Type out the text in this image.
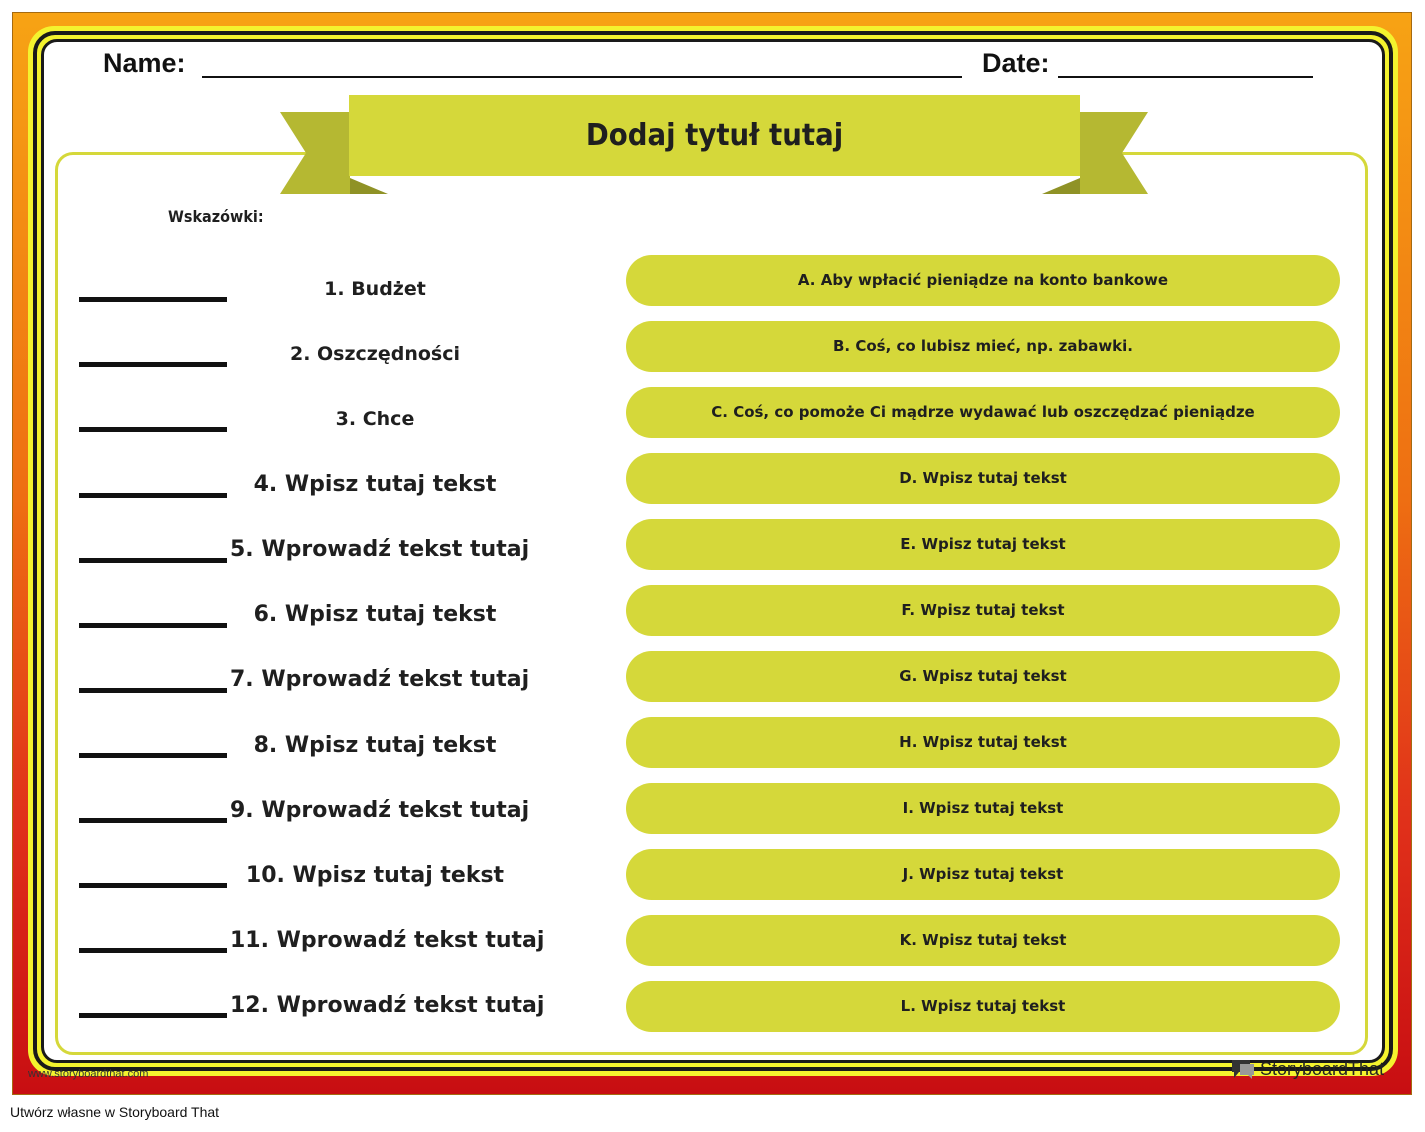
Name:	Date:
Dodaj tytuł tutaj
Wskazówki:
1. Budżet
2. Oszczędności
3. Chce
4. Wpisz tutaj tekst
5. Wprowadź tekst tutaj
6. Wpisz tutaj tekst
7. Wprowadź tekst tutaj
8. Wpisz tutaj tekst
9. Wprowadź tekst tutaj
10. Wpisz tutaj tekst
11. Wprowadź tekst tutaj
12. Wprowadź tekst tutaj
A. Aby wpłacić pieniądze na konto bankowe
B. Coś, co lubisz mieć, np. zabawki.
C. Coś, co pomoże Ci mądrze wydawać lub oszczędzać pieniądze
D. Wpisz tutaj tekst
E. Wpisz tutaj tekst
F. Wpisz tutaj tekst
G. Wpisz tutaj tekst
H. Wpisz tutaj tekst
I. Wpisz tutaj tekst
J. Wpisz tutaj tekst
K. Wpisz tutaj tekst
L. Wpisz tutaj tekst
www.storyboardthat.com	StoryboardThat
Utwórz własne w Storyboard That
